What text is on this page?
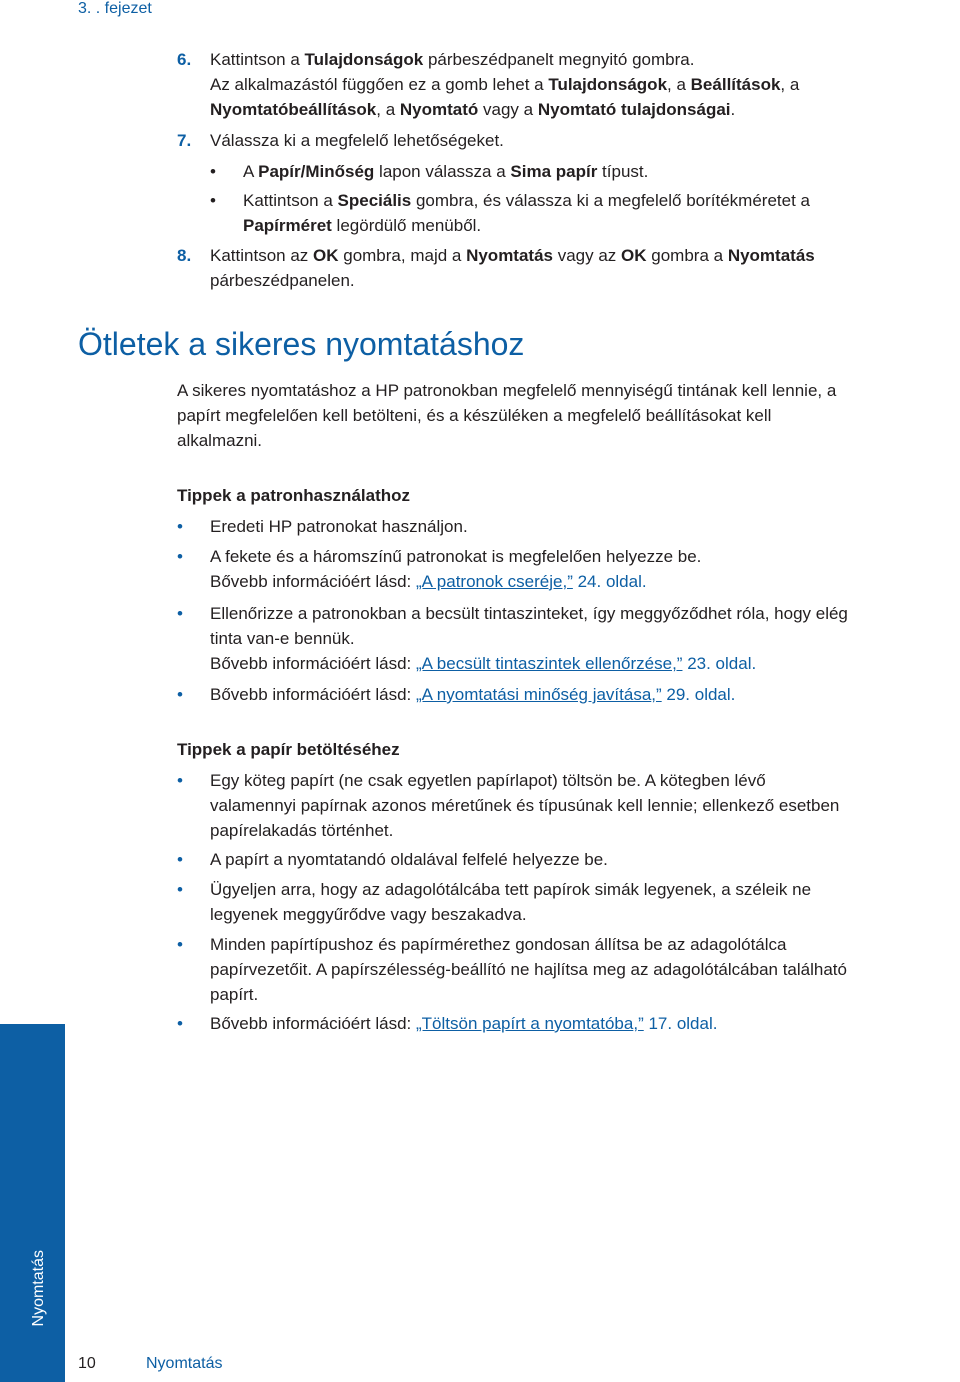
3. . fejezet
6. Kattintson a Tulajdonságok párbeszédpanelt megnyitó gombra.
Az alkalmazástól függően ez a gomb lehet a Tulajdonságok, a Beállítások, a
Nyomtatóbeállítások, a Nyomtató vagy a Nyomtató tulajdonságai.
7. Válassza ki a megfelelő lehetőségeket.
• A Papír/Minőség lapon válassza a Sima papír típust.
• Kattintson a Speciális gombra, és válassza ki a megfelelő borítékméretet a
Papírméret legördülő menüből.
8. Kattintson az OK gombra, majd a Nyomtatás vagy az OK gombra a Nyomtatás
párbeszédpanelen.
Ötletek a sikeres nyomtatáshoz
A sikeres nyomtatáshoz a HP patronokban megfelelő mennyiségű tintának kell lennie, a
papírt megfelelően kell betölteni, és a készüléken a megfelelő beállításokat kell
alkalmazni.
Tippek a patronhasználathoz
• Eredeti HP patronokat használjon.
• A fekete és a háromszínű patronokat is megfelelően helyezze be.
Bővebb információért lásd: „A patronok cseréje,” 24. oldal.
• Ellenőrizze a patronokban a becsült tintaszinteket, így meggyőződhet róla, hogy elég
tinta van-e bennük.
Bővebb információért lásd: „A becsült tintaszintek ellenőrzése,” 23. oldal.
• Bővebb információért lásd: „A nyomtatási minőség javítása,” 29. oldal.
Tippek a papír betöltéséhez
• Egy köteg papírt (ne csak egyetlen papírlapot) töltsön be. A kötegben lévő
valamennyi papírnak azonos méretűnek és típusúnak kell lennie; ellenkező esetben
papírelakadás történhet.
• A papírt a nyomtatandó oldalával felfelé helyezze be.
• Ügyeljen arra, hogy az adagolótálcába tett papírok simák legyenek, a széleik ne
legyenek meggyűrődve vagy beszakadva.
• Minden papírtípushoz és papírmérethez gondosan állítsa be az adagolótálca
papírvezetőit. A papírszélesség-beállító ne hajlítsa meg az adagolótálcában található
papírt.
• Bővebb információért lásd: „Töltsön papírt a nyomtatóba,” 17. oldal.
Nyomtatás
10	Nyomtatás
